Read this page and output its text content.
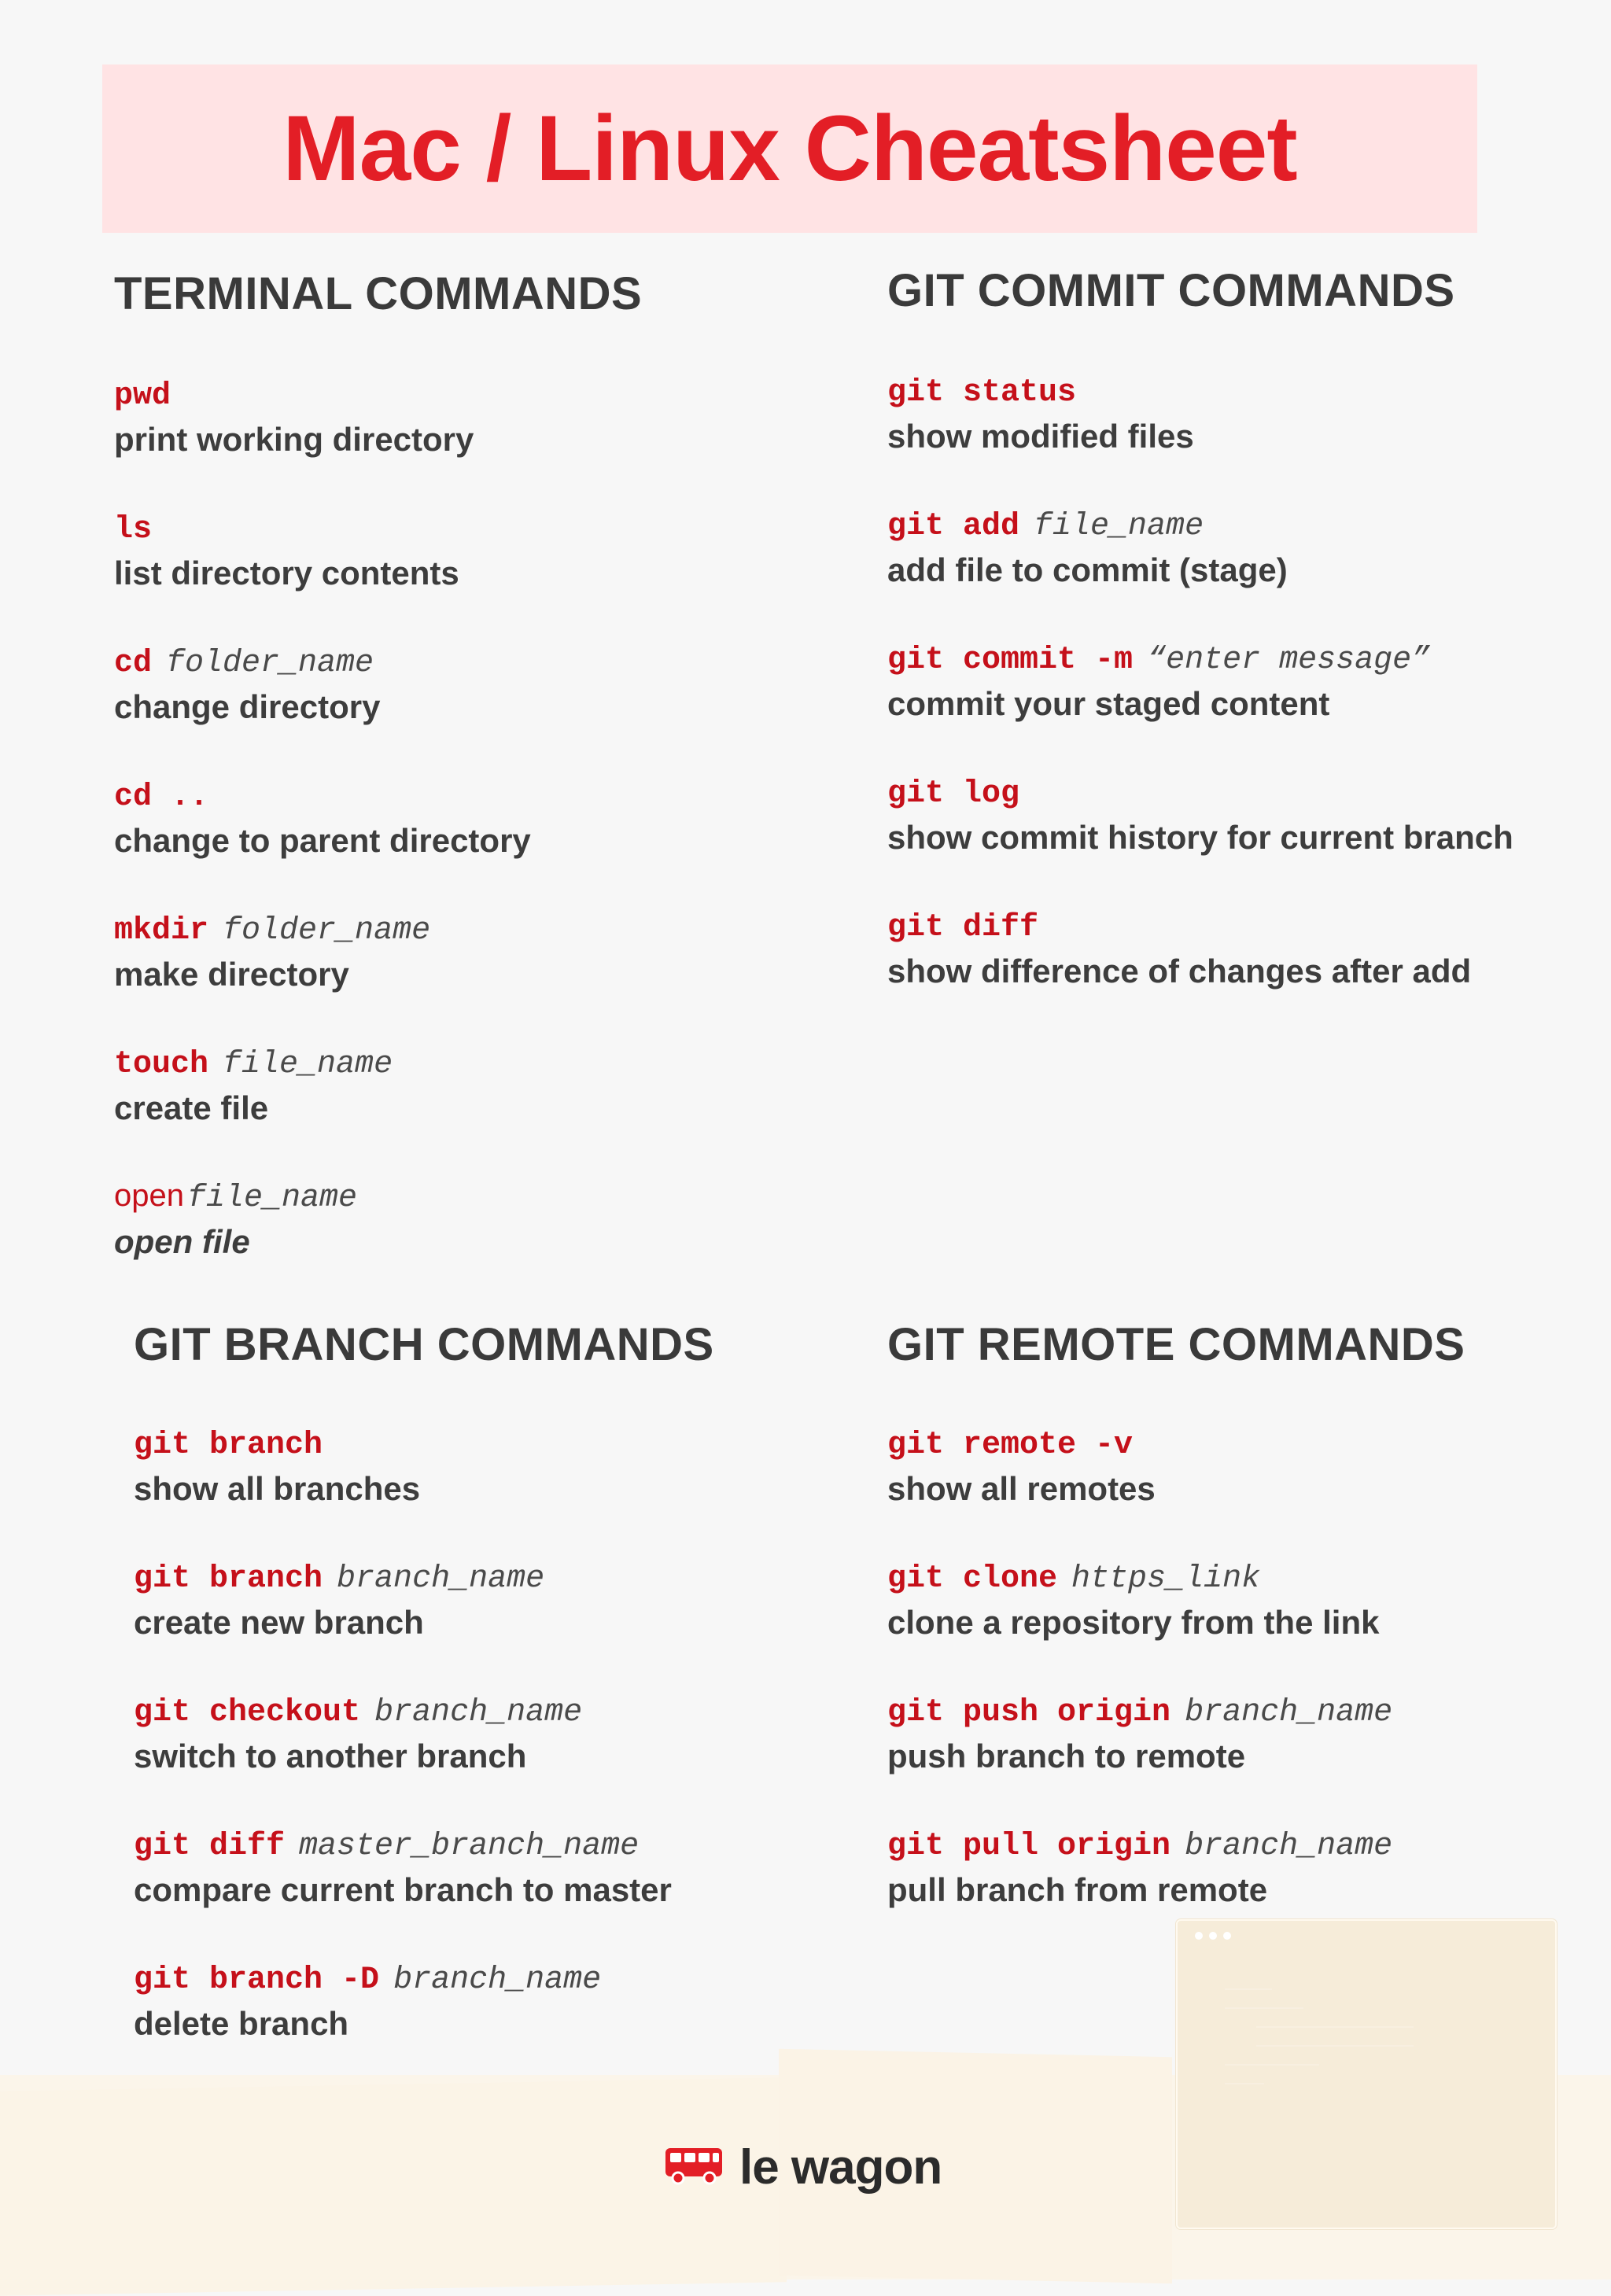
Mac / Linux Cheatsheet
TERMINAL COMMANDS
pwd
print working directory
ls
list directory contents
cd folder_name
change directory
cd ..
change to parent directory
mkdir folder_name
make directory
touch file_name
create file
open file_name
open file
GIT COMMIT COMMANDS
git status
show modified files
git add file_name
add file to commit (stage)
git commit -m “enter message”
commit your staged content
git log
show commit history for current branch
git diff
show difference of changes after add
GIT BRANCH COMMANDS
git branch
show all branches
git branch branch_name
create new branch
git checkout branch_name
switch to another branch
git diff master_branch_name
compare current branch to master
git branch -D branch_name
delete branch
GIT REMOTE COMMANDS
git remote -v
show all remotes
git clone https_link
clone a repository from the link
git push origin branch_name
push branch to remote
git pull origin branch_name
pull branch from remote
le wagon
